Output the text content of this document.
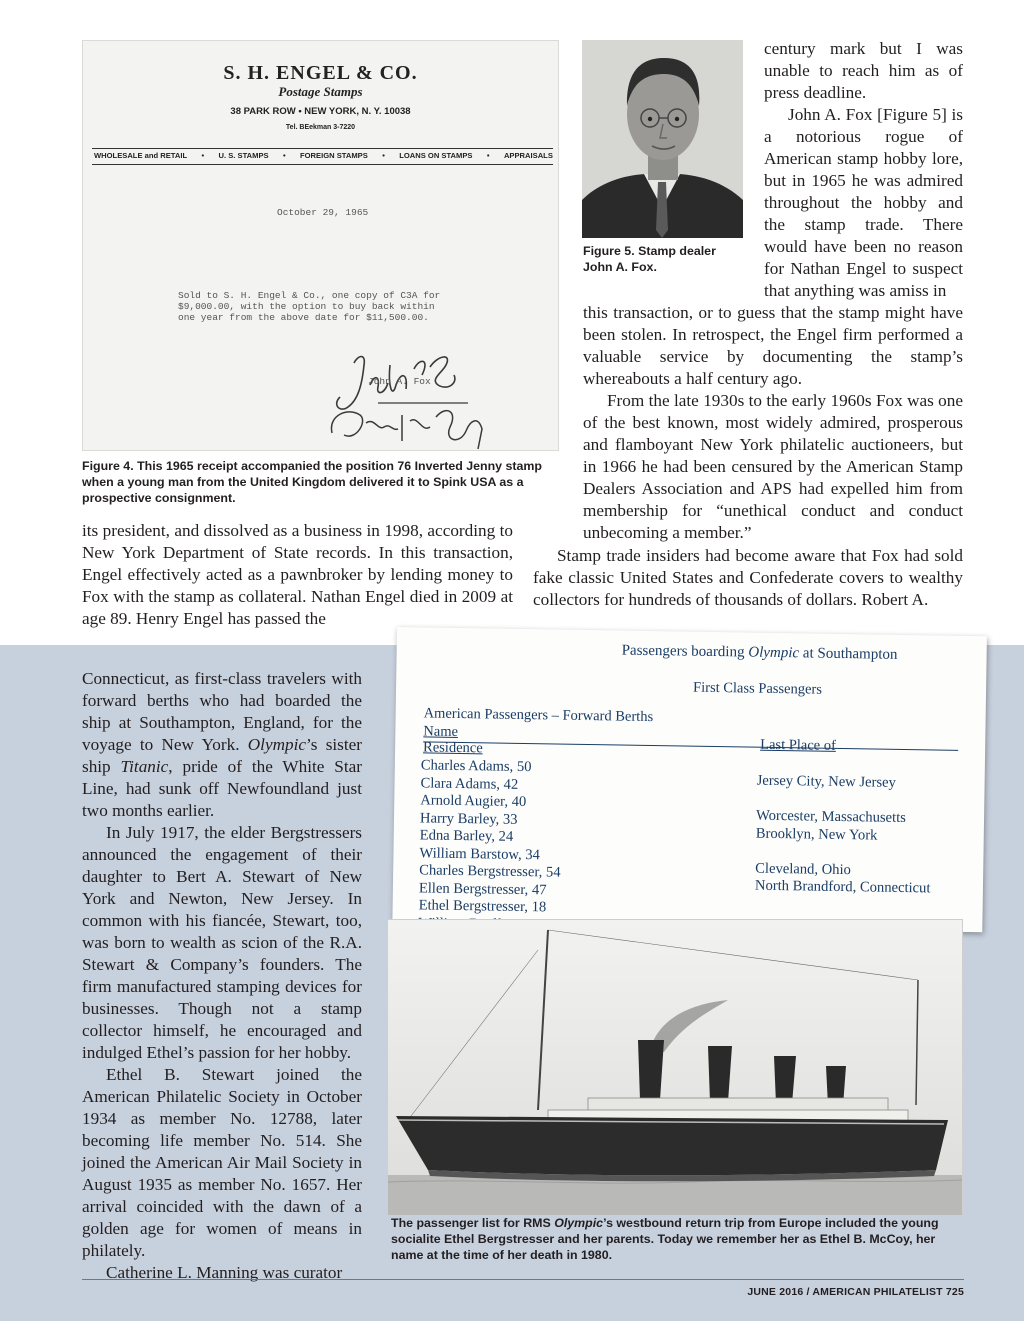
S. H. ENGEL & CO.
Postage Stamps
38 PARK ROW • NEW YORK, N. Y. 10038
Tel. BEekman 3-7220
WHOLESALE and RETAIL • U. S. STAMPS • FOREIGN STAMPS • LOANS ON STAMPS • APPRAISALS
October 29, 1965
Sold to S. H. Engel & Co., one copy of C3A for
$9,000.00, with the option to buy back within
one year from the above date for $11,500.00.
John A. Fox
Figure 4. This 1965 receipt accompanied the position 76 Inverted Jenny stamp when a young man from the United Kingdom delivered it to Spink USA as a prospective consignment.

its president, and dissolved as a business in 1998, according to New York Department of State records. In this transaction, Engel effectively acted as a pawnbroker by lending money to Fox with the stamp as collateral. Nathan Engel died in 2009 at age 89. Henry Engel has passed the

Figure 5. Stamp dealer
John A. Fox.

century mark but I was unable to reach him as of press deadline.

John A. Fox [Figure 5] is a notorious rogue of American stamp hobby lore, but in 1965 he was admired throughout the hobby and the stamp trade. There would have been no reason for Nathan Engel to suspect that anything was amiss in

this transaction, or to guess that the stamp might have been stolen. In retrospect, the Engel firm performed a valuable service by documenting the stamp’s whereabouts a half century ago.

From the late 1930s to the early 1960s Fox was one of the best known, most widely admired, prosperous and flamboyant New York philatelic auctioneers, but in 1966 he had been censured by the American Stamp Dealers Association and APS had expelled him from membership for “unethical conduct and conduct unbecoming a member.”

Stamp trade insiders had become aware that Fox had sold fake classic United States and Confederate covers to wealthy collectors for hundreds of thousands of dollars. Robert A.

Connecticut, as first-class travelers with forward berths who had boarded the ship at Southampton, England, for the voyage to New York. Olympic’s sister ship Titanic, pride of the White Star Line, had sunk off Newfoundland just two months earlier.

In July 1917, the elder Bergstressers announced the engagement of their daughter to Bert A. Stewart of New York and Newton, New Jersey. In common with his fiancée, Stewart, too, was born to wealth as scion of the R.A. Stewart & Company’s founders. The firm manufactured stamping devices for businesses. Though not a stamp collector himself, he encouraged and indulged Ethel’s passion for her hobby.

Ethel B. Stewart joined the American Philatelic Society in October 1934 as member No. 12788, later becoming life member No. 514. She joined the American Air Mail Society in August 1935 as member No. 1657. Her arrival coincided with the dawn of a golden age for women of means in philately.

Catherine L. Manning was curator

Passengers boarding Olympic at Southampton
First Class Passengers
American Passengers – Forward Berths
Name
Residence	Last Place of
Charles Adams, 50
Clara Adams, 42
Arnold Augier, 40
Harry Barley, 33
Edna Barley, 24
William Barstow, 34
Charles Bergstresser, 54
Ellen Bergstresser, 47
Ethel Bergstresser, 18
Jersey City, New Jersey

Worcester, Massachusetts
Brooklyn, New York

Cleveland, Ohio
North Brandford, Connecticut
The passenger list for RMS Olympic’s westbound return trip from Europe included the young socialite Ethel Bergstresser and her parents. Today we remember her as Ethel B. McCoy, her name at the time of her death in 1980.
JUNE 2016 / AMERICAN PHILATELIST 725
